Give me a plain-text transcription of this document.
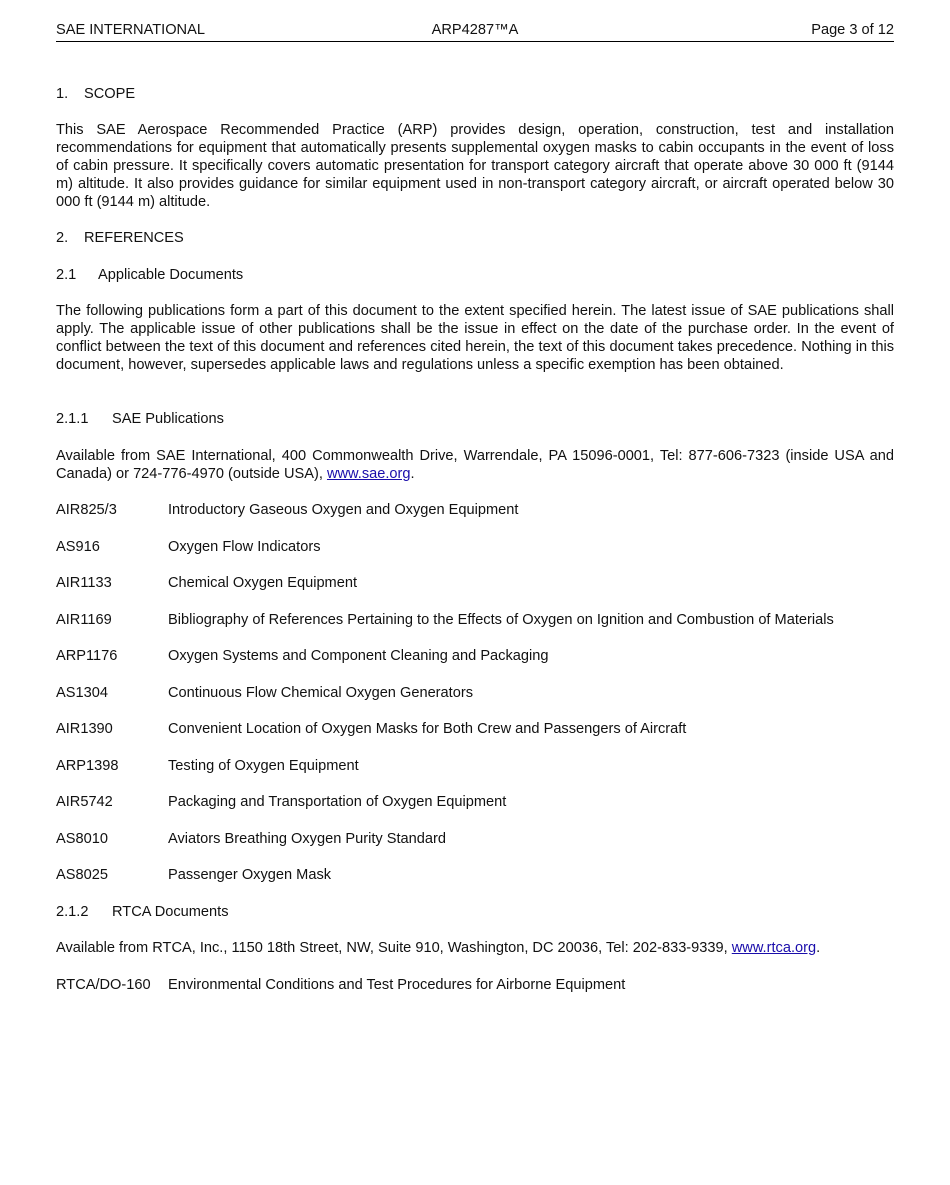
SAE INTERNATIONAL	ARP4287™A	Page 3 of 12
1. SCOPE
This SAE Aerospace Recommended Practice (ARP) provides design, operation, construction, test and installation recommendations for equipment that automatically presents supplemental oxygen masks to cabin occupants in the event of loss of cabin pressure. It specifically covers automatic presentation for transport category aircraft that operate above 30 000 ft (9144 m) altitude. It also provides guidance for similar equipment used in non-transport category aircraft, or aircraft operated below 30 000 ft (9144 m) altitude.
2. REFERENCES
2.1 Applicable Documents
The following publications form a part of this document to the extent specified herein. The latest issue of SAE publications shall apply. The applicable issue of other publications shall be the issue in effect on the date of the purchase order. In the event of conflict between the text of this document and references cited herein, the text of this document takes precedence. Nothing in this document, however, supersedes applicable laws and regulations unless a specific exemption has been obtained.
2.1.1 SAE Publications
Available from SAE International, 400 Commonwealth Drive, Warrendale, PA 15096-0001, Tel: 877-606-7323 (inside USA and Canada) or 724-776-4970 (outside USA), www.sae.org.
AIR825/3	Introductory Gaseous Oxygen and Oxygen Equipment
AS916	Oxygen Flow Indicators
AIR1133	Chemical Oxygen Equipment
AIR1169	Bibliography of References Pertaining to the Effects of Oxygen on Ignition and Combustion of Materials
ARP1176	Oxygen Systems and Component Cleaning and Packaging
AS1304	Continuous Flow Chemical Oxygen Generators
AIR1390	Convenient Location of Oxygen Masks for Both Crew and Passengers of Aircraft
ARP1398	Testing of Oxygen Equipment
AIR5742	Packaging and Transportation of Oxygen Equipment
AS8010	Aviators Breathing Oxygen Purity Standard
AS8025	Passenger Oxygen Mask
2.1.2 RTCA Documents
Available from RTCA, Inc., 1150 18th Street, NW, Suite 910, Washington, DC 20036, Tel: 202-833-9339, www.rtca.org.
RTCA/DO-160 Environmental Conditions and Test Procedures for Airborne Equipment
